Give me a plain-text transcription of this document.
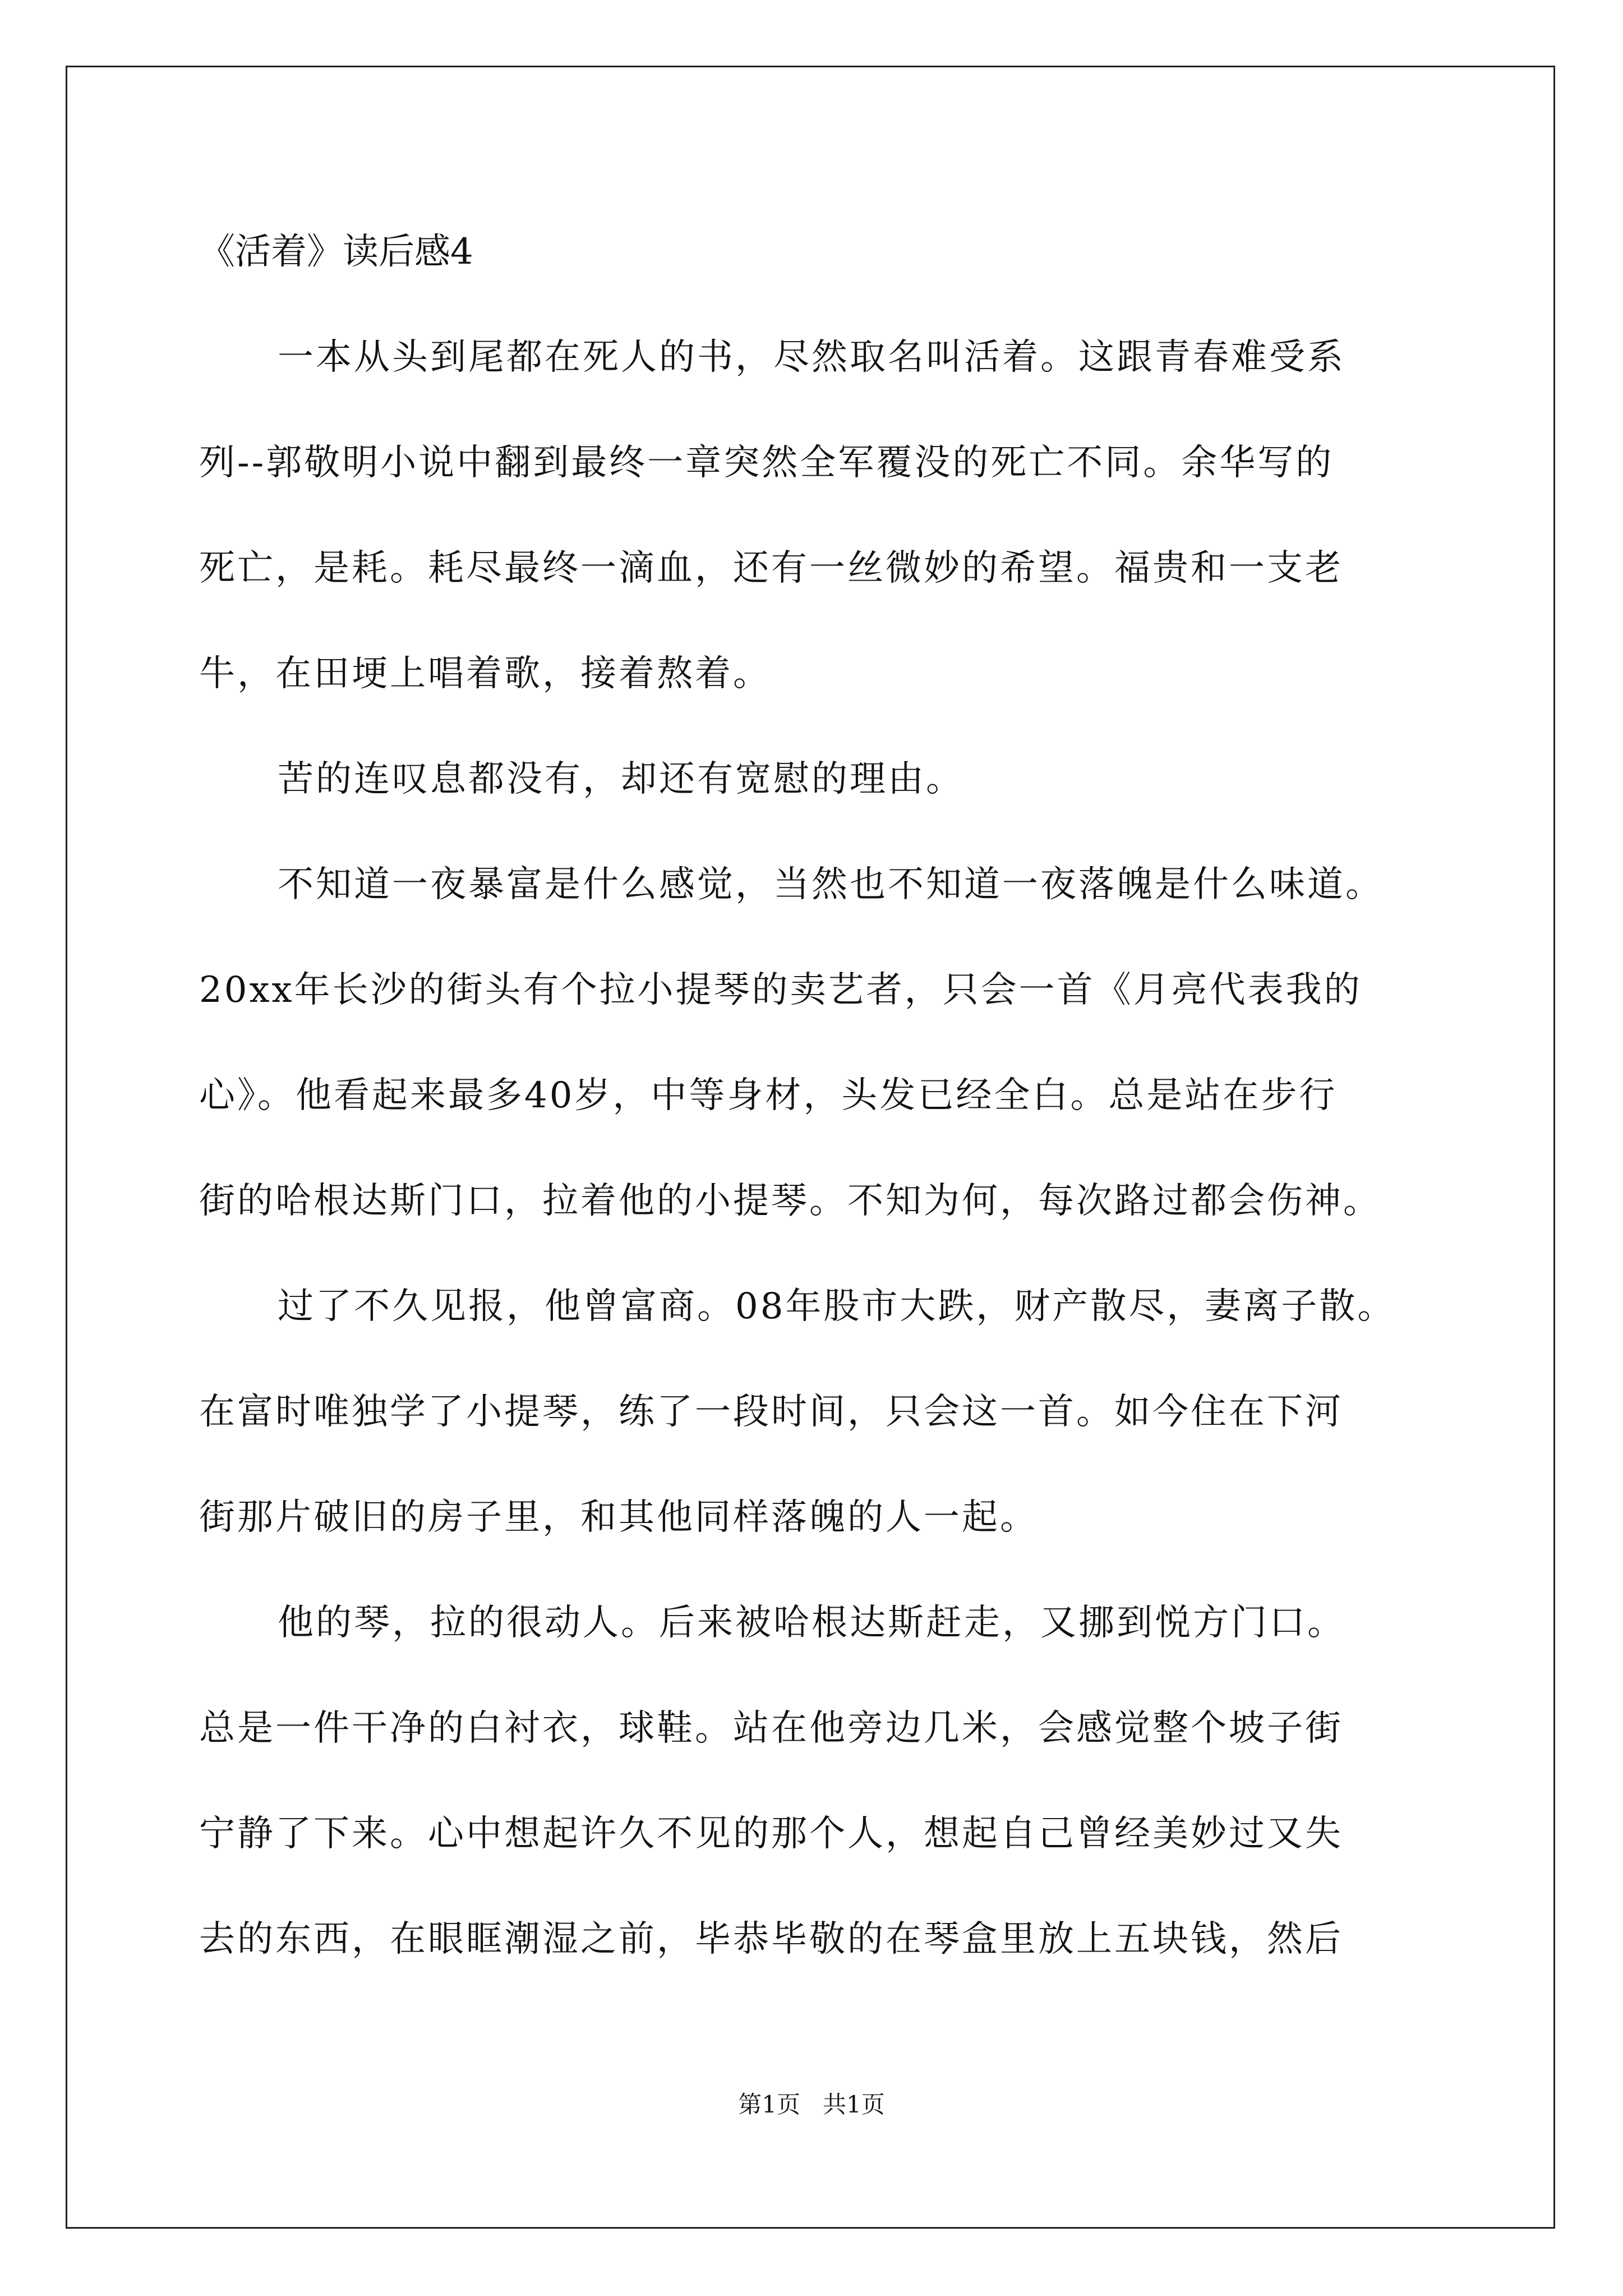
《活着》读后感4
一本从头到尾都在死人的书，尽然取名叫活着。这跟青春难受系
列--郭敬明小说中翻到最终一章突然全军覆没的死亡不同。余华写的
死亡，是耗。耗尽最终一滴血，还有一丝微妙的希望。福贵和一支老
牛，在田埂上唱着歌，接着熬着。
苦的连叹息都没有，却还有宽慰的理由。
不知道一夜暴富是什么感觉，当然也不知道一夜落魄是什么味道。
20xx年长沙的街头有个拉小提琴的卖艺者，只会一首《月亮代表我的
心》。他看起来最多40岁，中等身材，头发已经全白。总是站在步行
街的哈根达斯门口，拉着他的小提琴。不知为何，每次路过都会伤神。
过了不久见报，他曾富商。08年股市大跌，财产散尽，妻离子散。
在富时唯独学了小提琴，练了一段时间，只会这一首。如今住在下河
街那片破旧的房子里，和其他同样落魄的人一起。
他的琴，拉的很动人。后来被哈根达斯赶走，又挪到悦方门口。
总是一件干净的白衬衣，球鞋。站在他旁边几米，会感觉整个坡子街
宁静了下来。心中想起许久不见的那个人，想起自己曾经美妙过又失
去的东西，在眼眶潮湿之前，毕恭毕敬的在琴盒里放上五块钱，然后
第1页   共1页
